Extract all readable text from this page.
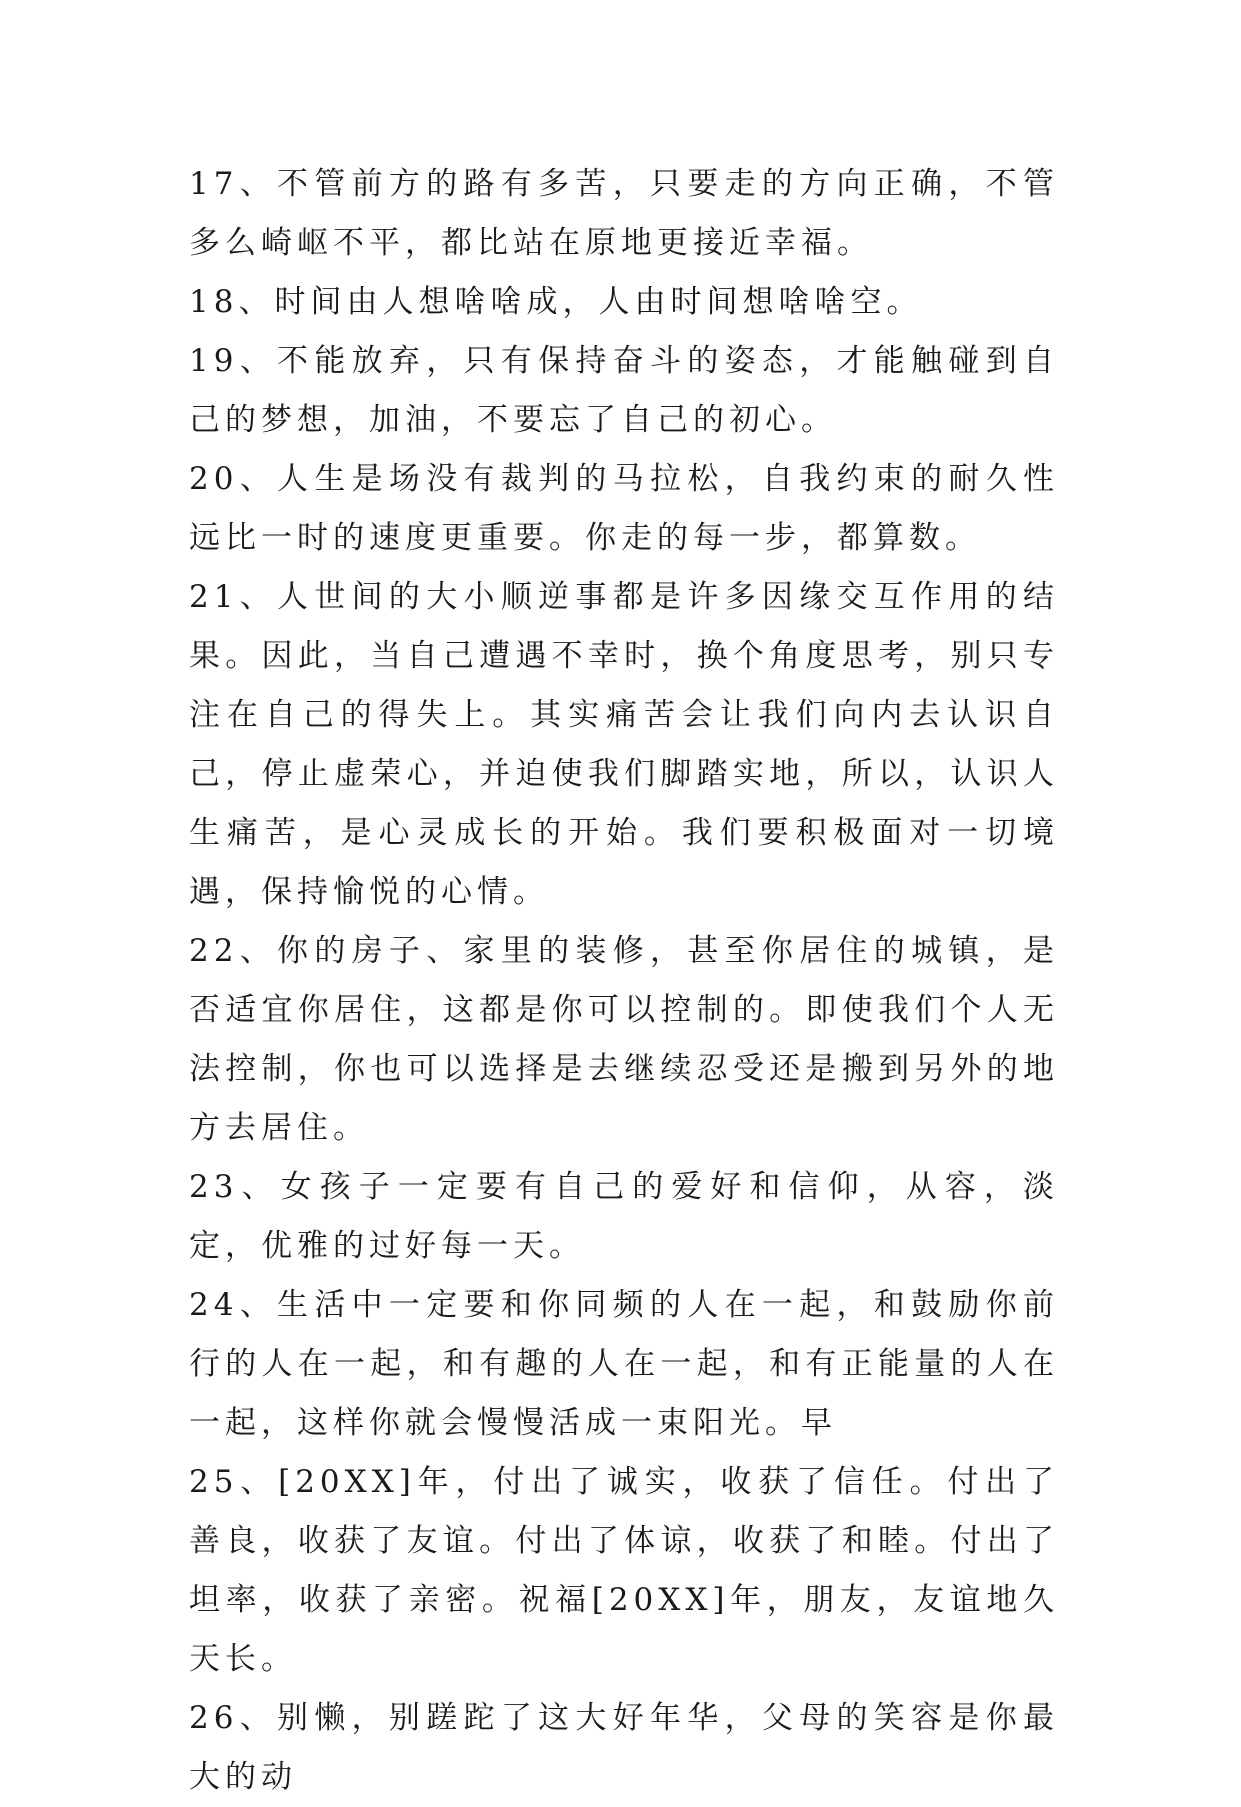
17、不管前方的路有多苦，只要走的方向正确，不管多么崎岖不平，都比站在原地更接近幸福。

18、时间由人想啥啥成，人由时间想啥啥空。

19、不能放弃，只有保持奋斗的姿态，才能触碰到自己的梦想，加油，不要忘了自己的初心。

20、人生是场没有裁判的马拉松，自我约束的耐久性远比一时的速度更重要。你走的每一步，都算数。

21、人世间的大小顺逆事都是许多因缘交互作用的结果。因此，当自己遭遇不幸时，换个角度思考，别只专注在自己的得失上。其实痛苦会让我们向内去认识自己，停止虚荣心，并迫使我们脚踏实地，所以，认识人生痛苦，是心灵成长的开始。我们要积极面对一切境遇，保持愉悦的心情。

22、你的房子、家里的装修，甚至你居住的城镇，是否适宜你居住，这都是你可以控制的。即使我们个人无法控制，你也可以选择是去继续忍受还是搬到另外的地方去居住。

23、女孩子一定要有自己的爱好和信仰，从容，淡定，优雅的过好每一天。

24、生活中一定要和你同频的人在一起，和鼓励你前行的人在一起，和有趣的人在一起，和有正能量的人在一起，这样你就会慢慢活成一束阳光。早

25、[20XX]年，付出了诚实，收获了信任。付出了善良，收获了友谊。付出了体谅，收获了和睦。付出了坦率，收获了亲密。祝福[20XX]年，朋友，友谊地久天长。

26、别懒，别蹉跎了这大好年华，父母的笑容是你最大的动
